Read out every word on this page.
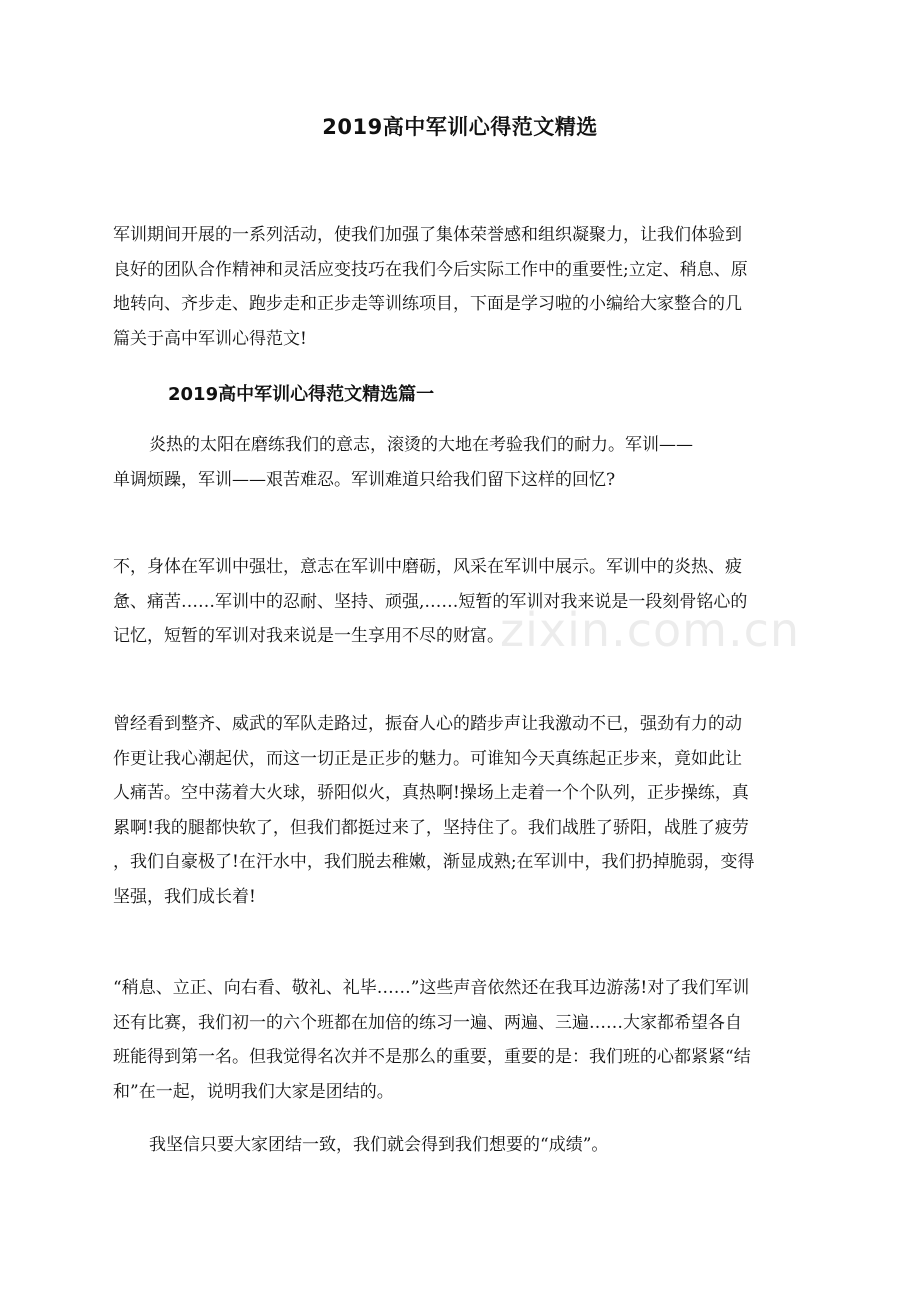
2019高中军训心得范文精选

军训期间开展的一系列活动，使我们加强了集体荣誉感和组织凝聚力，让我们体验到
良好的团队合作精神和灵活应变技巧在我们今后实际工作中的重要性;立定、稍息、原
地转向、齐步走、跑步走和正步走等训练项目，下面是学习啦的小编给大家整合的几
篇关于高中军训心得范文!

2019高中军训心得范文精选篇一

炎热的太阳在磨练我们的意志，滚烫的大地在考验我们的耐力。军训——
单调烦躁，军训——艰苦难忍。军训难道只给我们留下这样的回忆?

不，身体在军训中强壮，意志在军训中磨砺，风采在军训中展示。军训中的炎热、疲
惫、痛苦……军训中的忍耐、坚持、顽强,……短暂的军训对我来说是一段刻骨铭心的
记忆，短暂的军训对我来说是一生享用不尽的财富。

曾经看到整齐、威武的军队走路过，振奋人心的踏步声让我激动不已，强劲有力的动
作更让我心潮起伏，而这一切正是正步的魅力。可谁知今天真练起正步来，竟如此让
人痛苦。空中荡着大火球，骄阳似火，真热啊!操场上走着一个个队列，正步操练，真
累啊!我的腿都快软了，但我们都挺过来了，坚持住了。我们战胜了骄阳，战胜了疲劳
，我们自豪极了!在汗水中，我们脱去稚嫩，渐显成熟;在军训中，我们扔掉脆弱，变得
坚强，我们成长着!

“稍息、立正、向右看、敬礼、礼毕……”这些声音依然还在我耳边游荡!对了我们军训
还有比赛，我们初一的六个班都在加倍的练习一遍、两遍、三遍……大家都希望各自
班能得到第一名。但我觉得名次并不是那么的重要，重要的是：我们班的心都紧紧“结
和”在一起，说明我们大家是团结的。

我坚信只要大家团结一致，我们就会得到我们想要的“成绩”。

zixin.com.cn
